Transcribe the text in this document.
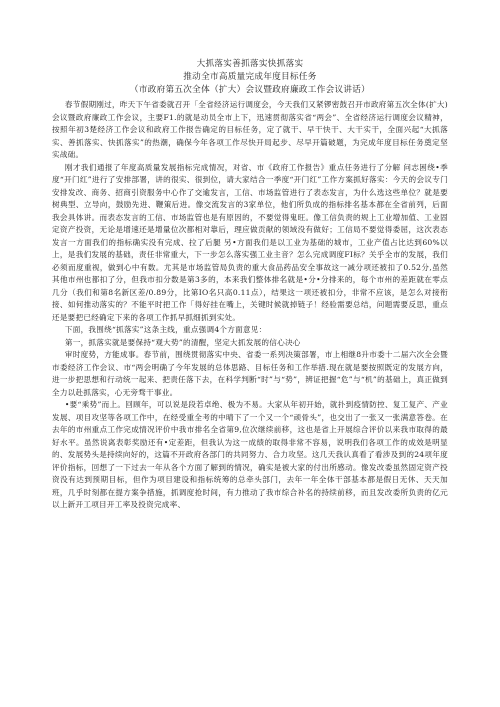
大抓落实善抓落实快抓落实

推动全市高质量完成年度目标任务

（市政府第五次全体（扩大）会议暨政府廉政工作会议讲话）

春节假期刚过，昨天下午省委就召开「全省经济运行调度会，今天我们又紧锣密鼓召开市政府第五次全体(扩大)会议暨政府廉政工作会议，主要F1.的就是动员全市上下，迅速贯彻落实省“两会”、全省经济运行调度会议精神，按照年初3楚经济工作会议和政府工作报告确定的目标任务，定了就干、早干快干、大干实干，全面兴起“大抓落实、善抓落实、快抓落实”的热潮，确保今年各项工作尽快开局起步、尽早开篇破题，为完成年度目标任务奠定坚实战础。

刚才我们通报了年度高质量发展指标完成情况，对省、市《政府工作报告》重点任务进行了分解 问志困绕•季度“开门红”进行了安排部署，讲的很实、很到位，请大家结合一季度“开门红”工作方案抓好落实：今天的会议专门安排发改、商务、招商引资服务中心作了交逾发言，工信、市场监管进行了表态发言，为什么选这些单位？就是要树典型、立导向，鼓励先进、鞭策后进。像交流发言的3家单位，他们所负成的指标排名基本都在全省前列，后面我会具体讲。而表态发言的工信、市场监管也是有原因的，不要觉得鬼旺。像工信负责的规上工业增加值、工业固定资产投资，无论是增速还是增量位次都相对靠后，理应做贡献的领域没有做好；工信局不要觉得委屈，这次表态发言一方面我们的指标确实没有完成、拉了后腿 另•方面我们是以工业为基础的城市，工业产值占比达到60%以上，是我们发展的基础，责任非常重大，下一步怎么落实强工业主音？怎么完成调度FI标？关乎全市的发展，我们必须而度重视，做到心中有数。尤其是市场监管局负责的重大食品药品安全事故这一减分项还被扣了0.52分,虽然其他市州也都扣了分，但我市扣分数是第3多的，本来我们整体排名就是•分•分排来的，每个市州的差距就在零点几分（我们和第8名新区差/0.89分，比第IO名只高0.11点），结果这一项还被扣分，非常不应该，是怎么对接衔接、如何推动落实的？不能平时把工作「得好挂在嘴上，关键时候就掉链子！经验需要总结，问题需要反思，重点还是要把已经确定下来的各项工作抓早抓细抓到实处。

下面，我围绕“抓落实”这条主线，重点强调4个方面意见：

第一，抓落实就是要保持“观大势”的清醒，坚定大抓发展的信心决心

审时度势，方能成事。春节前，围绕贯彻落实中央、省委一系列决策部署，市上相继8升市委十二届六次全会暨市委经济工作会议、市“两会明确了今年发展的总体思路、目标任务和工作举措.现在就是要按照既定的发展方向，进一步把思想和行动统一起来、把责任落下去，在科学判断“时”与“势”，辨证把握“危”与“机”的基础上，真正做到全力以赴抓落实，心无旁骛干事业。

•要“乘势”而上。回顾年，可以说是段若卓绝、极为不易。大家从年初开始，就扑到疫情防控、复工复产、产业发展、项目攻坚等各项工作中，在经受重全考的中晴下了一个又一个“顽骨头”，也交出了一张又一张满意答卷。在去年的市州重点工作完成情况评价中我市排名全省第9,位次继续前移，这也是省上开展综合评价以来我市取得的最好水平。虽然说离表彰奖励还有•定差距，但我认为这一成绩的取得非常不容易，说明我们各项工作的成效是明显的、发展势头是持续向好的，这篇不开政府各部门的共同努力、合力攻坚。这几天我认真看了看涉及到的24项年度评价指标，回想了一下过去一年从各个方面了解到的情况，确实是被大家的付出所感动。像发改委虽然固定资产投资没有达到预期目标，但作为项目建设和指标统筹的总牵头部门，去年一年全体干部基本都是假日无休、天天加班，几乎时刻都在提方案争措施，抓调度抢时间，有力推动了我市综合补名的持续前移，而且发改委所负责的亿元以上新开工项目开工率及投资完成率、
